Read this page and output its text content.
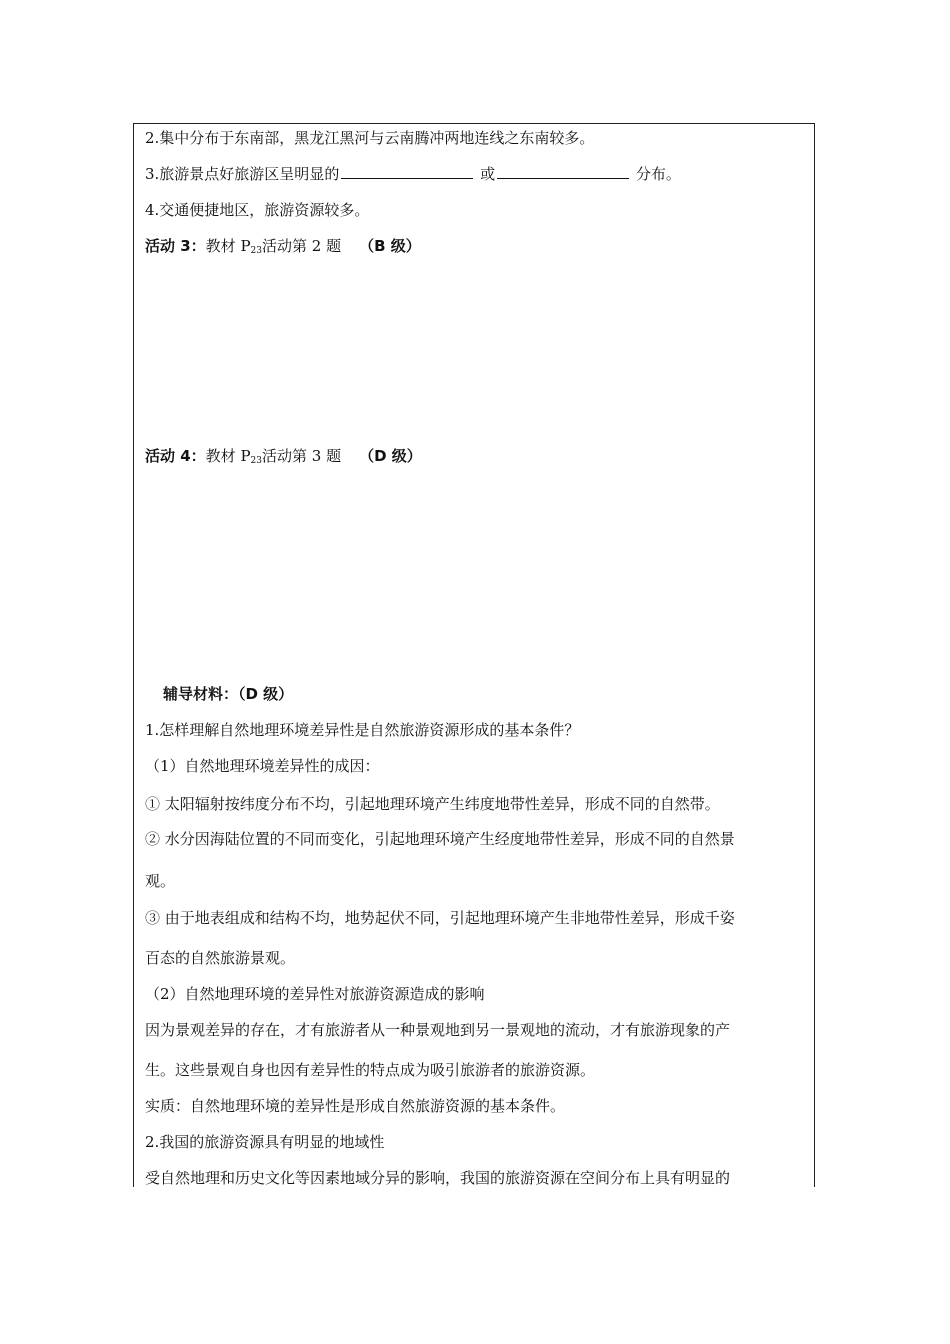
2.集中分布于东南部，黑龙江黑河与云南腾冲两地连线之东南较多。
3.旅游景点好旅游区呈明显的	或	分布。
4.交通便捷地区，旅游资源较多。
活动 3：教材 $P_{23}$活动第 2 题 （B 级）
活动 4：教材 $P_{23}$活动第 3 题 （D 级）
辅导材料：（D 级）
1.怎样理解自然地理环境差异性是自然旅游资源形成的基本条件？
（1）自然地理环境差异性的成因：
① 太阳辐射按纬度分布不均，引起地理环境产生纬度地带性差异，形成不同的自然带。
② 水分因海陆位置的不同而变化，引起地理环境产生经度地带性差异，形成不同的自然景
观。
③ 由于地表组成和结构不均，地势起伏不同，引起地理环境产生非地带性差异，形成千姿
百态的自然旅游景观。
（2）自然地理环境的差异性对旅游资源造成的影响
因为景观差异的存在，才有旅游者从一种景观地到另一景观地的流动，才有旅游现象的产
生。这些景观自身也因有差异性的特点成为吸引旅游者的旅游资源。
实质：自然地理环境的差异性是形成自然旅游资源的基本条件。
2.我国的旅游资源具有明显的地域性
受自然地理和历史文化等因素地域分异的影响，我国的旅游资源在空间分布上具有明显的
